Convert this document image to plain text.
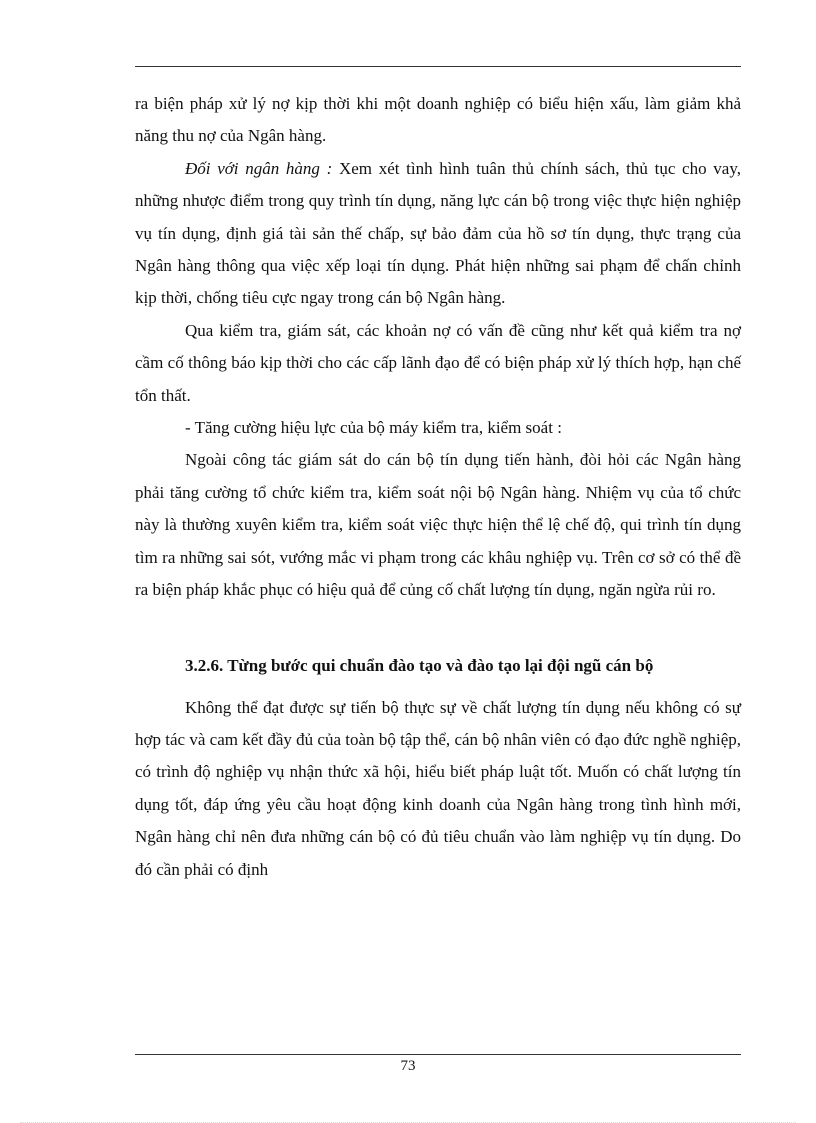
ra biện pháp xử lý nợ kịp thời khi một doanh nghiệp có biểu hiện xấu, làm giảm khả năng thu nợ của Ngân hàng.

Đối với ngân hàng : Xem xét tình hình tuân thủ chính sách, thủ tục cho vay, những nhược điểm trong quy trình tín dụng, năng lực cán bộ trong việc thực hiện nghiệp vụ tín dụng, định giá tài sản thế chấp, sự bảo đảm của hồ sơ tín dụng, thực trạng của Ngân hàng thông qua việc xếp loại tín dụng. Phát hiện những sai phạm để chấn chỉnh kịp thời, chống tiêu cực ngay trong cán bộ Ngân hàng.

Qua kiểm tra, giám sát, các khoản nợ có vấn đề cũng như kết quả kiểm tra nợ cầm cố thông báo kịp thời cho các cấp lãnh đạo để có biện pháp xử lý thích hợp, hạn chế tổn thất.

- Tăng cường hiệu lực của bộ máy kiểm tra, kiểm soát :

Ngoài công tác giám sát do cán bộ tín dụng tiến hành, đòi hỏi các Ngân hàng phải tăng cường tổ chức kiểm tra, kiểm soát nội bộ Ngân hàng. Nhiệm vụ của tổ chức này là thường xuyên kiểm tra, kiểm soát việc thực hiện thể lệ chế độ, qui trình tín dụng tìm ra những sai sót, vướng mắc vi phạm trong các khâu nghiệp vụ. Trên cơ sở có thể đề ra biện pháp khắc phục có hiệu quả để củng cố chất lượng tín dụng, ngăn ngừa rủi ro.

3.2.6. Từng bước qui chuẩn đào tạo và đào tạo lại đội ngũ cán bộ

Không thể đạt được sự tiến bộ thực sự về chất lượng tín dụng nếu không có sự hợp tác và cam kết đầy đủ của toàn bộ tập thể, cán bộ nhân viên có đạo đức nghề nghiệp, có trình độ nghiệp vụ nhận thức xã hội, hiểu biết pháp luật tốt. Muốn có chất lượng tín dụng tốt, đáp ứng yêu cầu hoạt động kinh doanh của Ngân hàng trong tình hình mới, Ngân hàng chỉ nên đưa những cán bộ có đủ tiêu chuẩn vào làm nghiệp vụ tín dụng. Do đó cần phải có định

73
